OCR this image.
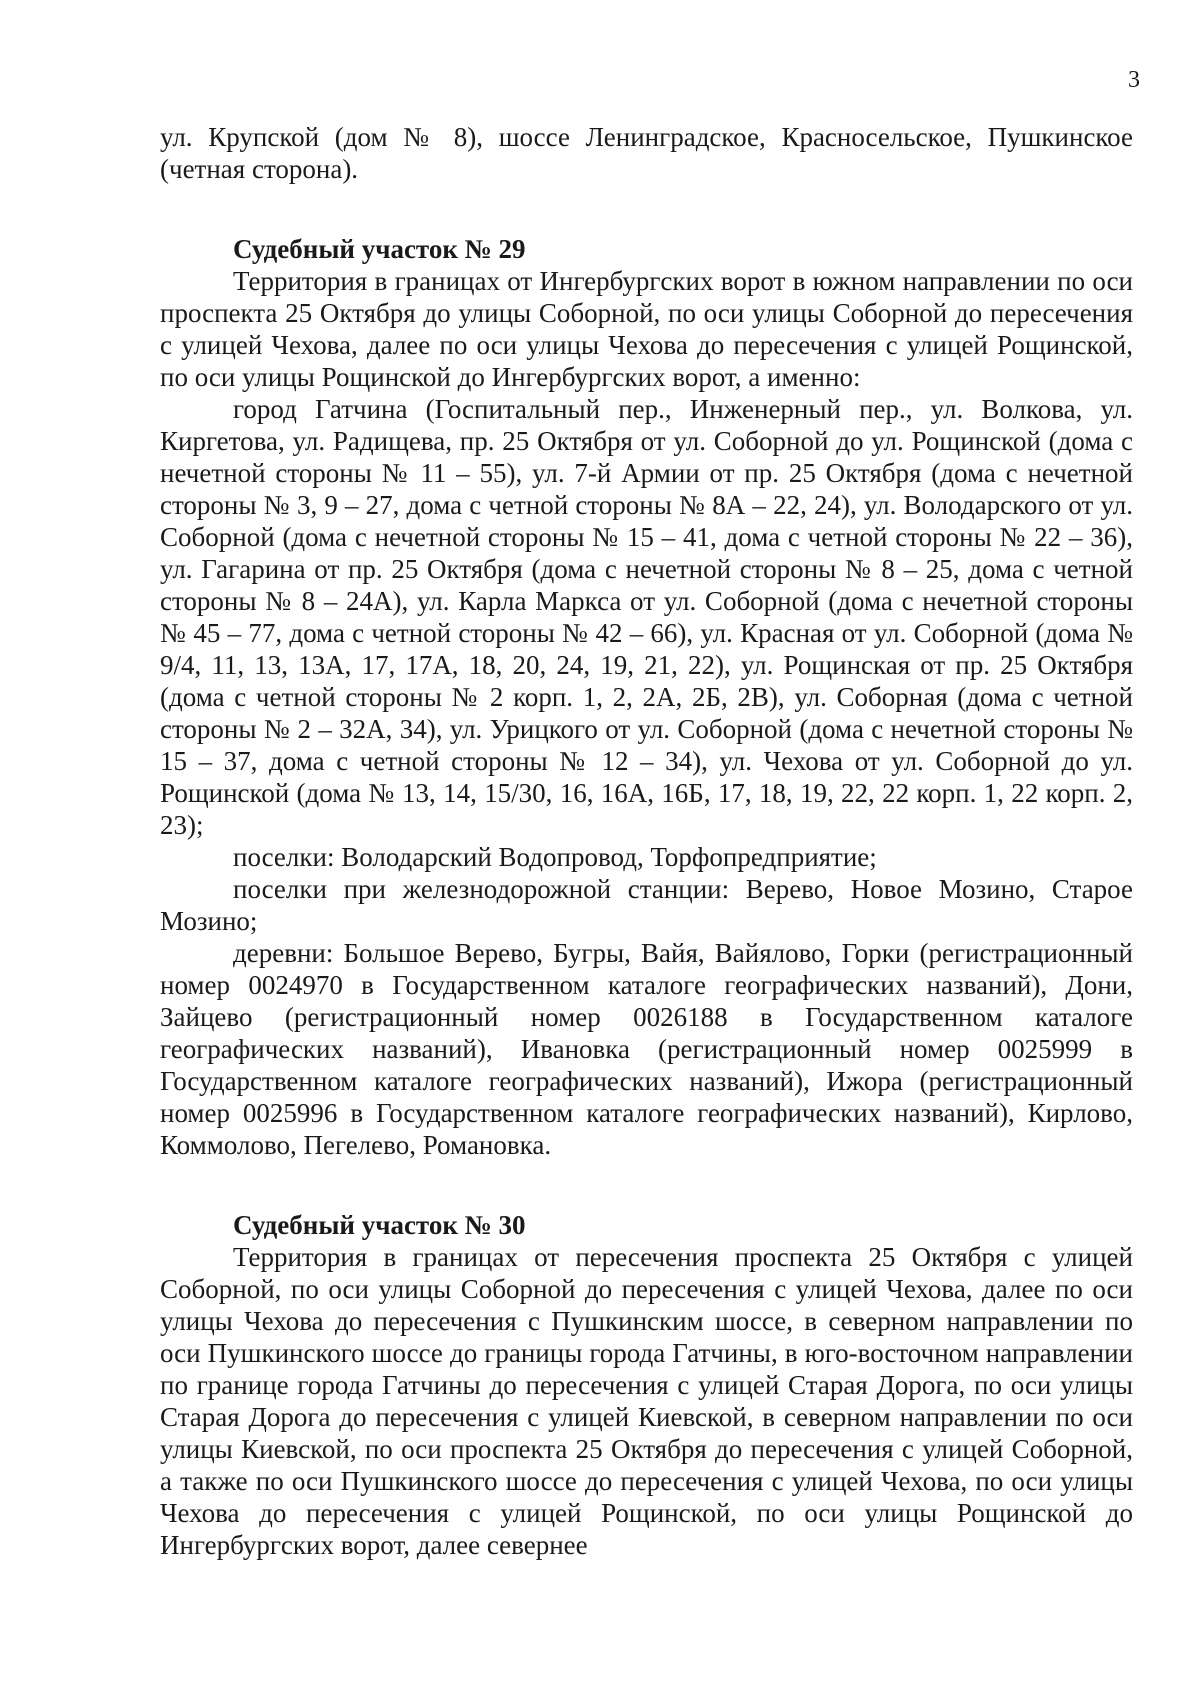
3

ул. Крупской (дом № 8), шоссе Ленинградское, Красносельское, Пушкинское (четная сторона).

Судебный участок № 29

Территория в границах от Ингербургских ворот в южном направлении по оси проспекта 25 Октября до улицы Соборной, по оси улицы Соборной до пересечения с улицей Чехова, далее по оси улицы Чехова до пересечения с улицей Рощинской, по оси улицы Рощинской до Ингербургских ворот, а именно:

город Гатчина (Госпитальный пер., Инженерный пер., ул. Волкова, ул. Киргетова, ул. Радищева, пр. 25 Октября от ул. Соборной до ул. Рощинской (дома с нечетной стороны № 11 – 55), ул. 7-й Армии от пр. 25 Октября (дома с нечетной стороны № 3, 9 – 27, дома с четной стороны № 8А – 22, 24), ул. Володарского от ул. Соборной (дома с нечетной стороны № 15 – 41, дома с четной стороны № 22 – 36), ул. Гагарина от пр. 25 Октября (дома с нечетной стороны № 8 – 25, дома с четной стороны № 8 – 24А), ул. Карла Маркса от ул. Соборной (дома с нечетной стороны № 45 – 77, дома с четной стороны № 42 – 66), ул. Красная от ул. Соборной (дома № 9/4, 11, 13, 13А, 17, 17А, 18, 20, 24, 19, 21, 22), ул. Рощинская от пр. 25 Октября (дома с четной стороны № 2 корп. 1, 2, 2А, 2Б, 2В), ул. Соборная (дома с четной стороны № 2 – 32А, 34), ул. Урицкого от ул. Соборной (дома с нечетной стороны № 15 – 37, дома с четной стороны № 12 – 34), ул. Чехова от ул. Соборной до ул. Рощинской (дома № 13, 14, 15/30, 16, 16А, 16Б, 17, 18, 19, 22, 22 корп. 1, 22 корп. 2, 23);

поселки: Володарский Водопровод, Торфопредприятие;

поселки при железнодорожной станции: Верево, Новое Мозино, Старое Мозино;

деревни: Большое Верево, Бугры, Вайя, Вайялово, Горки (регистрационный номер 0024970 в Государственном каталоге географических названий), Дони, Зайцево (регистрационный номер 0026188 в Государственном каталоге географических названий), Ивановка (регистрационный номер 0025999 в Государственном каталоге географических названий), Ижора (регистрационный номер 0025996 в Государственном каталоге географических названий), Кирлово, Коммолово, Пегелево, Романовка.

Судебный участок № 30

Территория в границах от пересечения проспекта 25 Октября с улицей Соборной, по оси улицы Соборной до пересечения с улицей Чехова, далее по оси улицы Чехова до пересечения с Пушкинским шоссе, в северном направлении по оси Пушкинского шоссе до границы города Гатчины, в юго-восточном направлении по границе города Гатчины до пересечения с улицей Старая Дорога, по оси улицы Старая Дорога до пересечения с улицей Киевской, в северном направлении по оси улицы Киевской, по оси проспекта 25 Октября до пересечения с улицей Соборной, а также по оси Пушкинского шоссе до пересечения с улицей Чехова, по оси улицы Чехова до пересечения с улицей Рощинской, по оси улицы Рощинской до Ингербургских ворот, далее севернее
